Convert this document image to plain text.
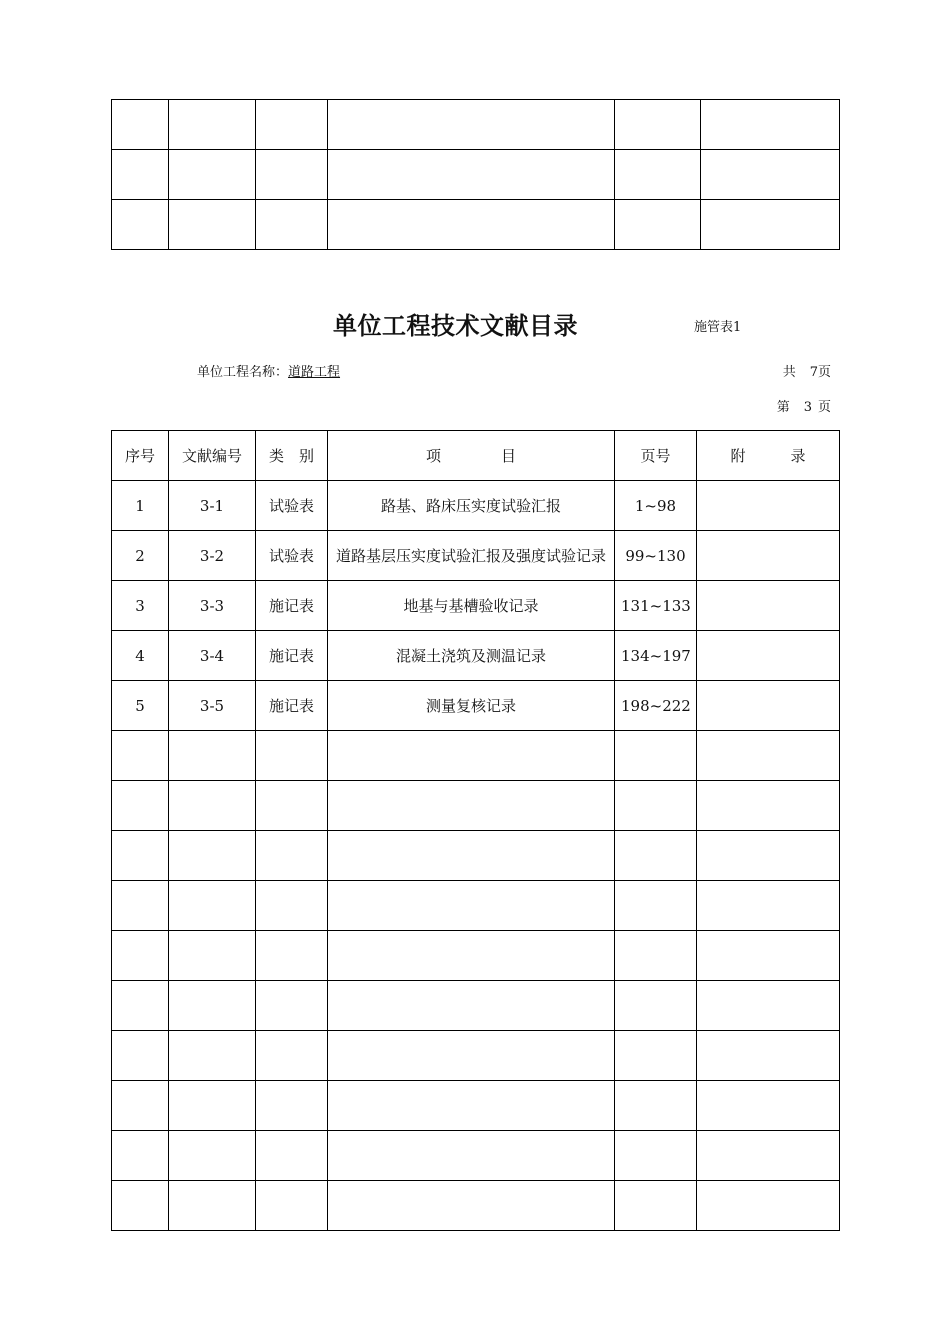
单位工程技术文献目录	施管表1
单位工程名称：道路工程	共 7页
第 3 页
序号	文献编号	类　别	项　　　　目	页号	附　　　录
1	3-1	试验表	路基、路床压实度试验汇报	1~98	
2	3-2	试验表	道路基层压实度试验汇报及强度试验记录	99~130	
3	3-3	施记表	地基与基槽验收记录	131~133	
4	3-4	施记表	混凝土浇筑及测温记录	134~197	
5	3-5	施记表	测量复核记录	198~222	
